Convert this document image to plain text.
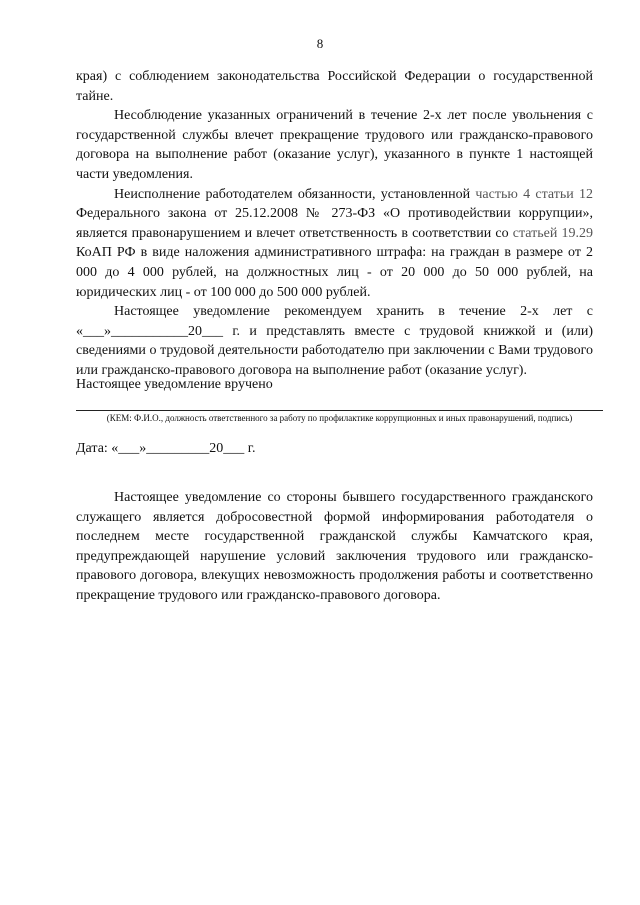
8

края) с соблюдением законодательства Российской Федерации о государственной тайне.

Несоблюдение указанных ограничений в течение 2-х лет после увольнения с государственной службы влечет прекращение трудового или гражданско-правового договора на выполнение работ (оказание услуг), указанного в пункте 1 настоящей части уведомления.

Неисполнение работодателем обязанности, установленной частью 4 статьи 12 Федерального закона от 25.12.2008 № 273-ФЗ «О противодействии коррупции», является правонарушением и влечет ответственность в соответствии со статьей 19.29 КоАП РФ в виде наложения административного штрафа: на граждан в размере от 2 000 до 4 000 рублей, на должностных лиц - от 20 000 до 50 000 рублей, на юридических лиц - от 100 000 до 500 000 рублей.

Настоящее уведомление рекомендуем хранить в течение 2-х лет с «___»___________20___ г. и представлять вместе с трудовой книжкой и (или) сведениями о трудовой деятельности работодателю при заключении с Вами трудового или гражданско-правового договора на выполнение работ (оказание услуг).

Настоящее уведомление вручено
(КЕМ: Ф.И.О., должность ответственного за работу по профилактике коррупционных и иных правонарушений, подпись)
Дата: «___»_________20___ г.

Настоящее уведомление со стороны бывшего государственного гражданского служащего является добросовестной формой информирования работодателя о последнем месте государственной гражданской службы Камчатского края, предупреждающей нарушение условий заключения трудового или гражданско-правового договора, влекущих невозможность продолжения работы и соответственно прекращение трудового или гражданско-правового договора.
